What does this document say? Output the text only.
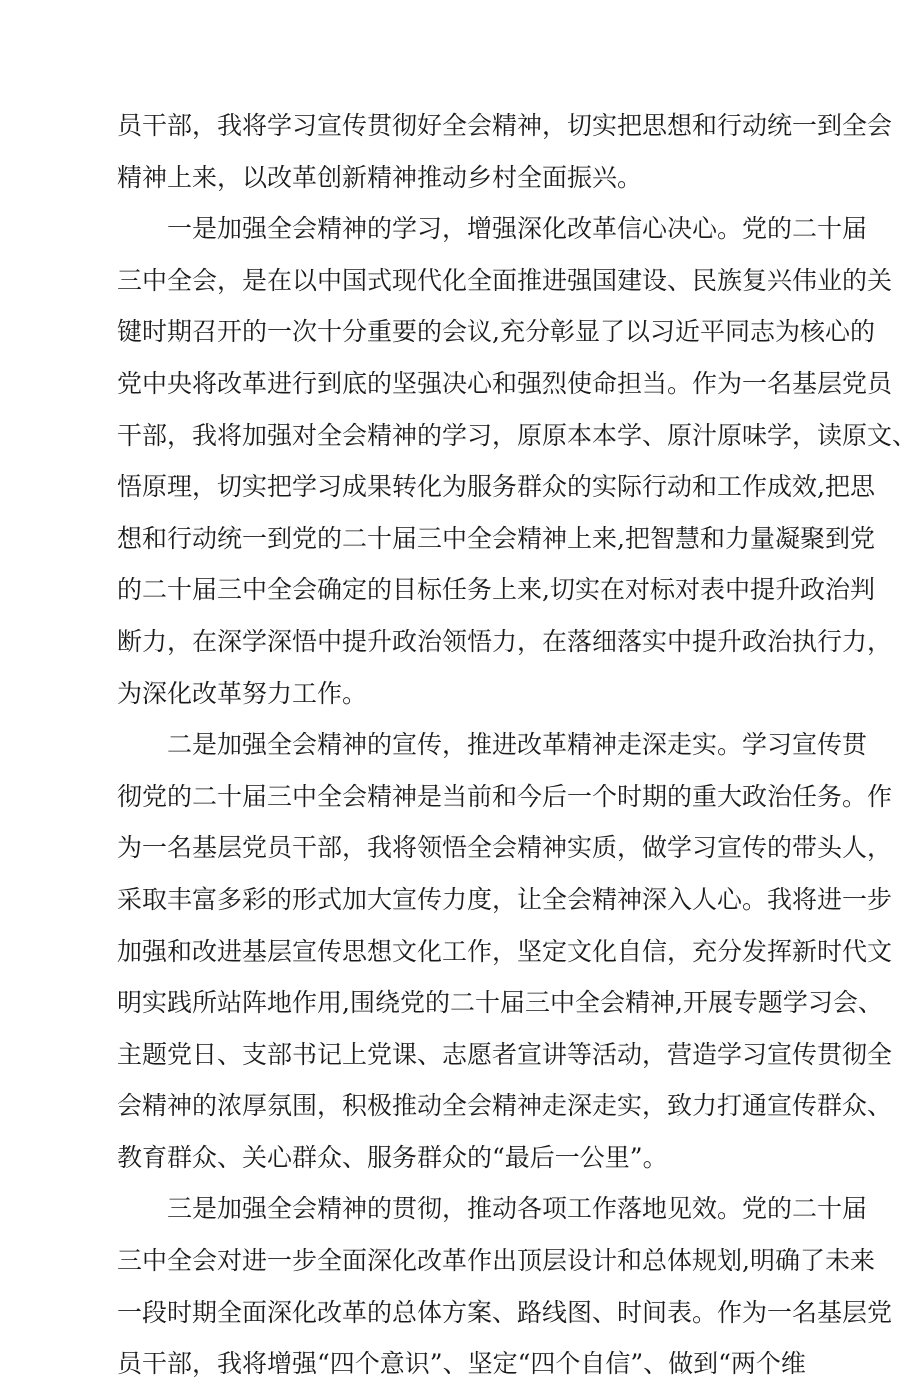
员干部，我将学习宣传贯彻好全会精神，切实把思想和行动统一到全会
精神上来，以改革创新精神推动乡村全面振兴。
一是加强全会精神的学习，增强深化改革信心决心。党的二十届
三中全会，是在以中国式现代化全面推进强国建设、民族复兴伟业的关
键时期召开的一次十分重要的会议,充分彰显了以习近平同志为核心的
党中央将改革进行到底的坚强决心和强烈使命担当。作为一名基层党员
干部，我将加强对全会精神的学习，原原本本学、原汁原味学，读原文、
悟原理，切实把学习成果转化为服务群众的实际行动和工作成效,把思
想和行动统一到党的二十届三中全会精神上来,把智慧和力量凝聚到党
的二十届三中全会确定的目标任务上来,切实在对标对表中提升政治判
断力，在深学深悟中提升政治领悟力，在落细落实中提升政治执行力，
为深化改革努力工作。
二是加强全会精神的宣传，推进改革精神走深走实。学习宣传贯
彻党的二十届三中全会精神是当前和今后一个时期的重大政治任务。作
为一名基层党员干部，我将领悟全会精神实质，做学习宣传的带头人，
采取丰富多彩的形式加大宣传力度，让全会精神深入人心。我将进一步
加强和改进基层宣传思想文化工作，坚定文化自信，充分发挥新时代文
明实践所站阵地作用,围绕党的二十届三中全会精神,开展专题学习会、
主题党日、支部书记上党课、志愿者宣讲等活动，营造学习宣传贯彻全
会精神的浓厚氛围，积极推动全会精神走深走实，致力打通宣传群众、
教育群众、关心群众、服务群众的“最后一公里”。
三是加强全会精神的贯彻，推动各项工作落地见效。党的二十届
三中全会对进一步全面深化改革作出顶层设计和总体规划,明确了未来
一段时期全面深化改革的总体方案、路线图、时间表。作为一名基层党
员干部，我将增强“四个意识”、坚定“四个自信”、做到“两个维
